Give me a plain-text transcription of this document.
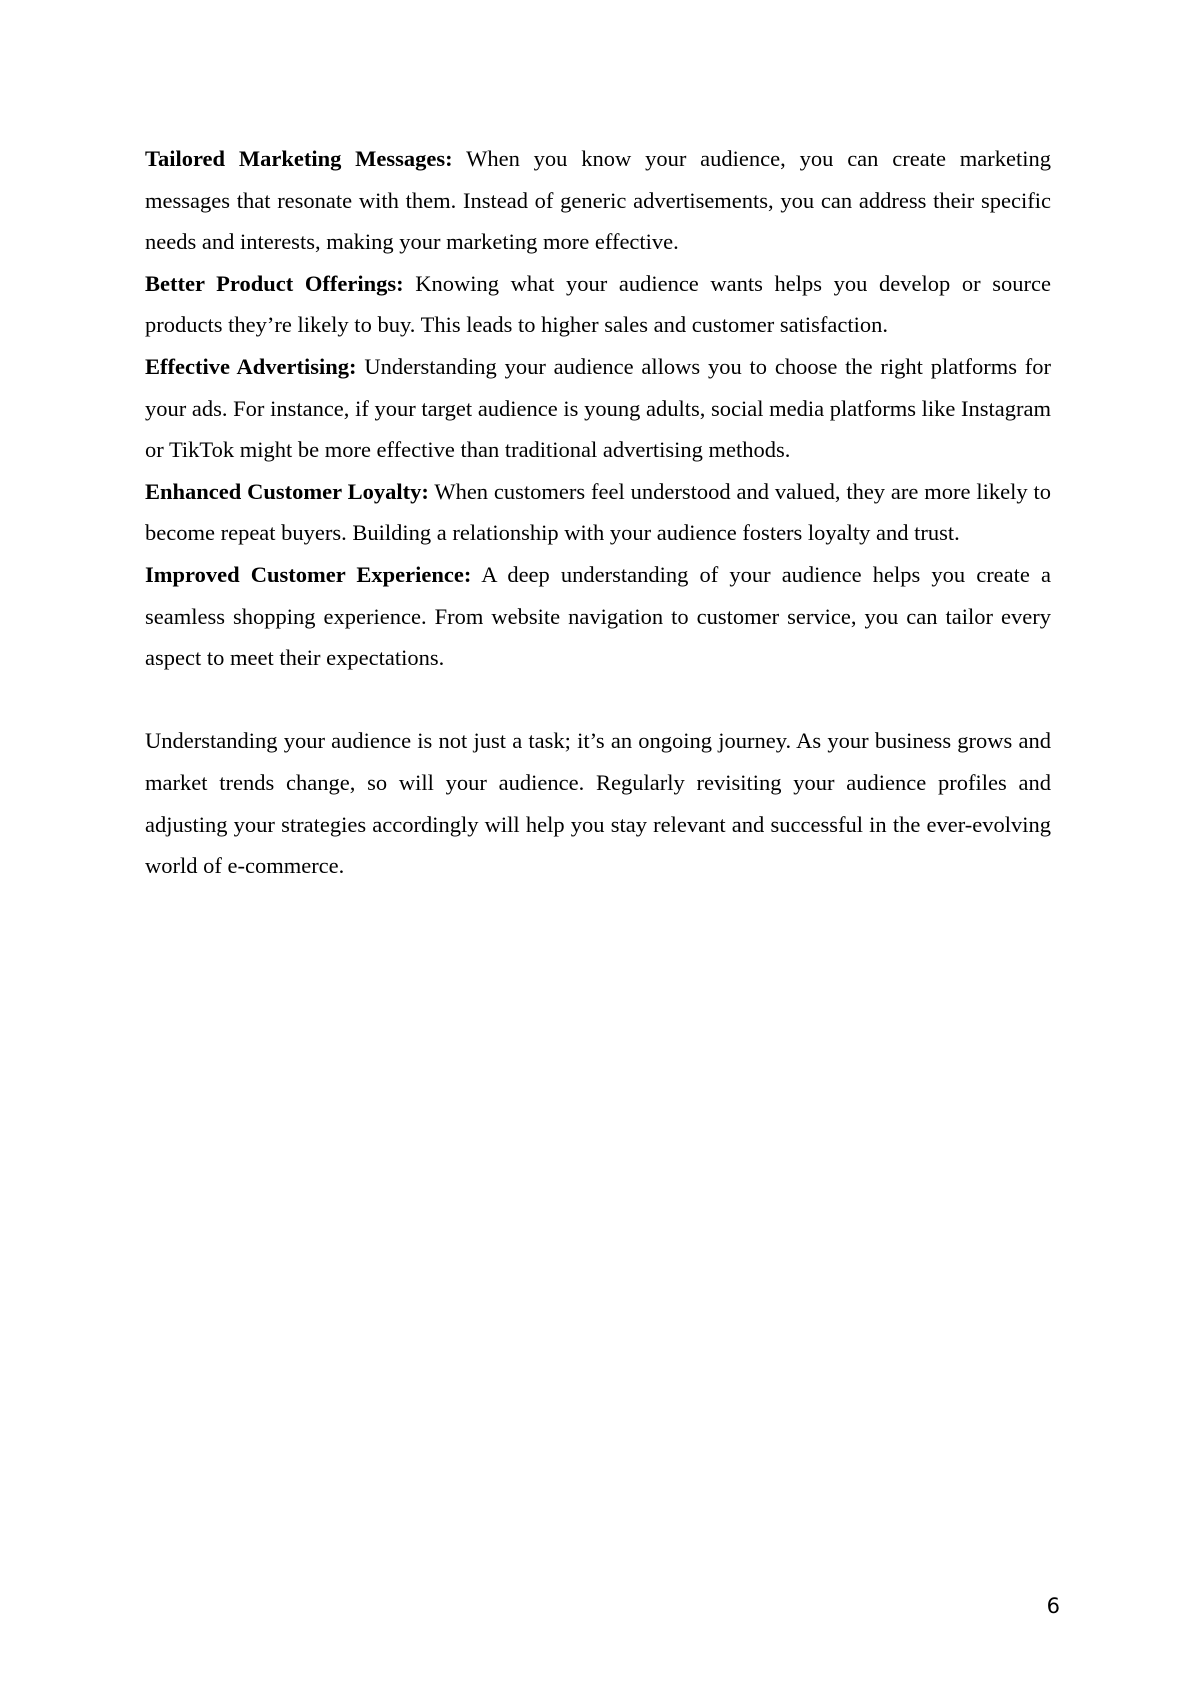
Tailored Marketing Messages: When you know your audience, you can create marketing messages that resonate with them. Instead of generic advertisements, you can address their specific needs and interests, making your marketing more effective.

Better Product Offerings: Knowing what your audience wants helps you develop or source products they’re likely to buy. This leads to higher sales and customer satisfaction.

Effective Advertising: Understanding your audience allows you to choose the right platforms for your ads. For instance, if your target audience is young adults, social media platforms like Instagram or TikTok might be more effective than traditional advertising methods.

Enhanced Customer Loyalty: When customers feel understood and valued, they are more likely to become repeat buyers. Building a relationship with your audience fosters loyalty and trust.

Improved Customer Experience: A deep understanding of your audience helps you create a seamless shopping experience. From website navigation to customer service, you can tailor every aspect to meet their expectations.

Understanding your audience is not just a task; it’s an ongoing journey. As your business grows and market trends change, so will your audience. Regularly revisiting your audience profiles and adjusting your strategies accordingly will help you stay relevant and successful in the ever-evolving world of e-commerce.

6
